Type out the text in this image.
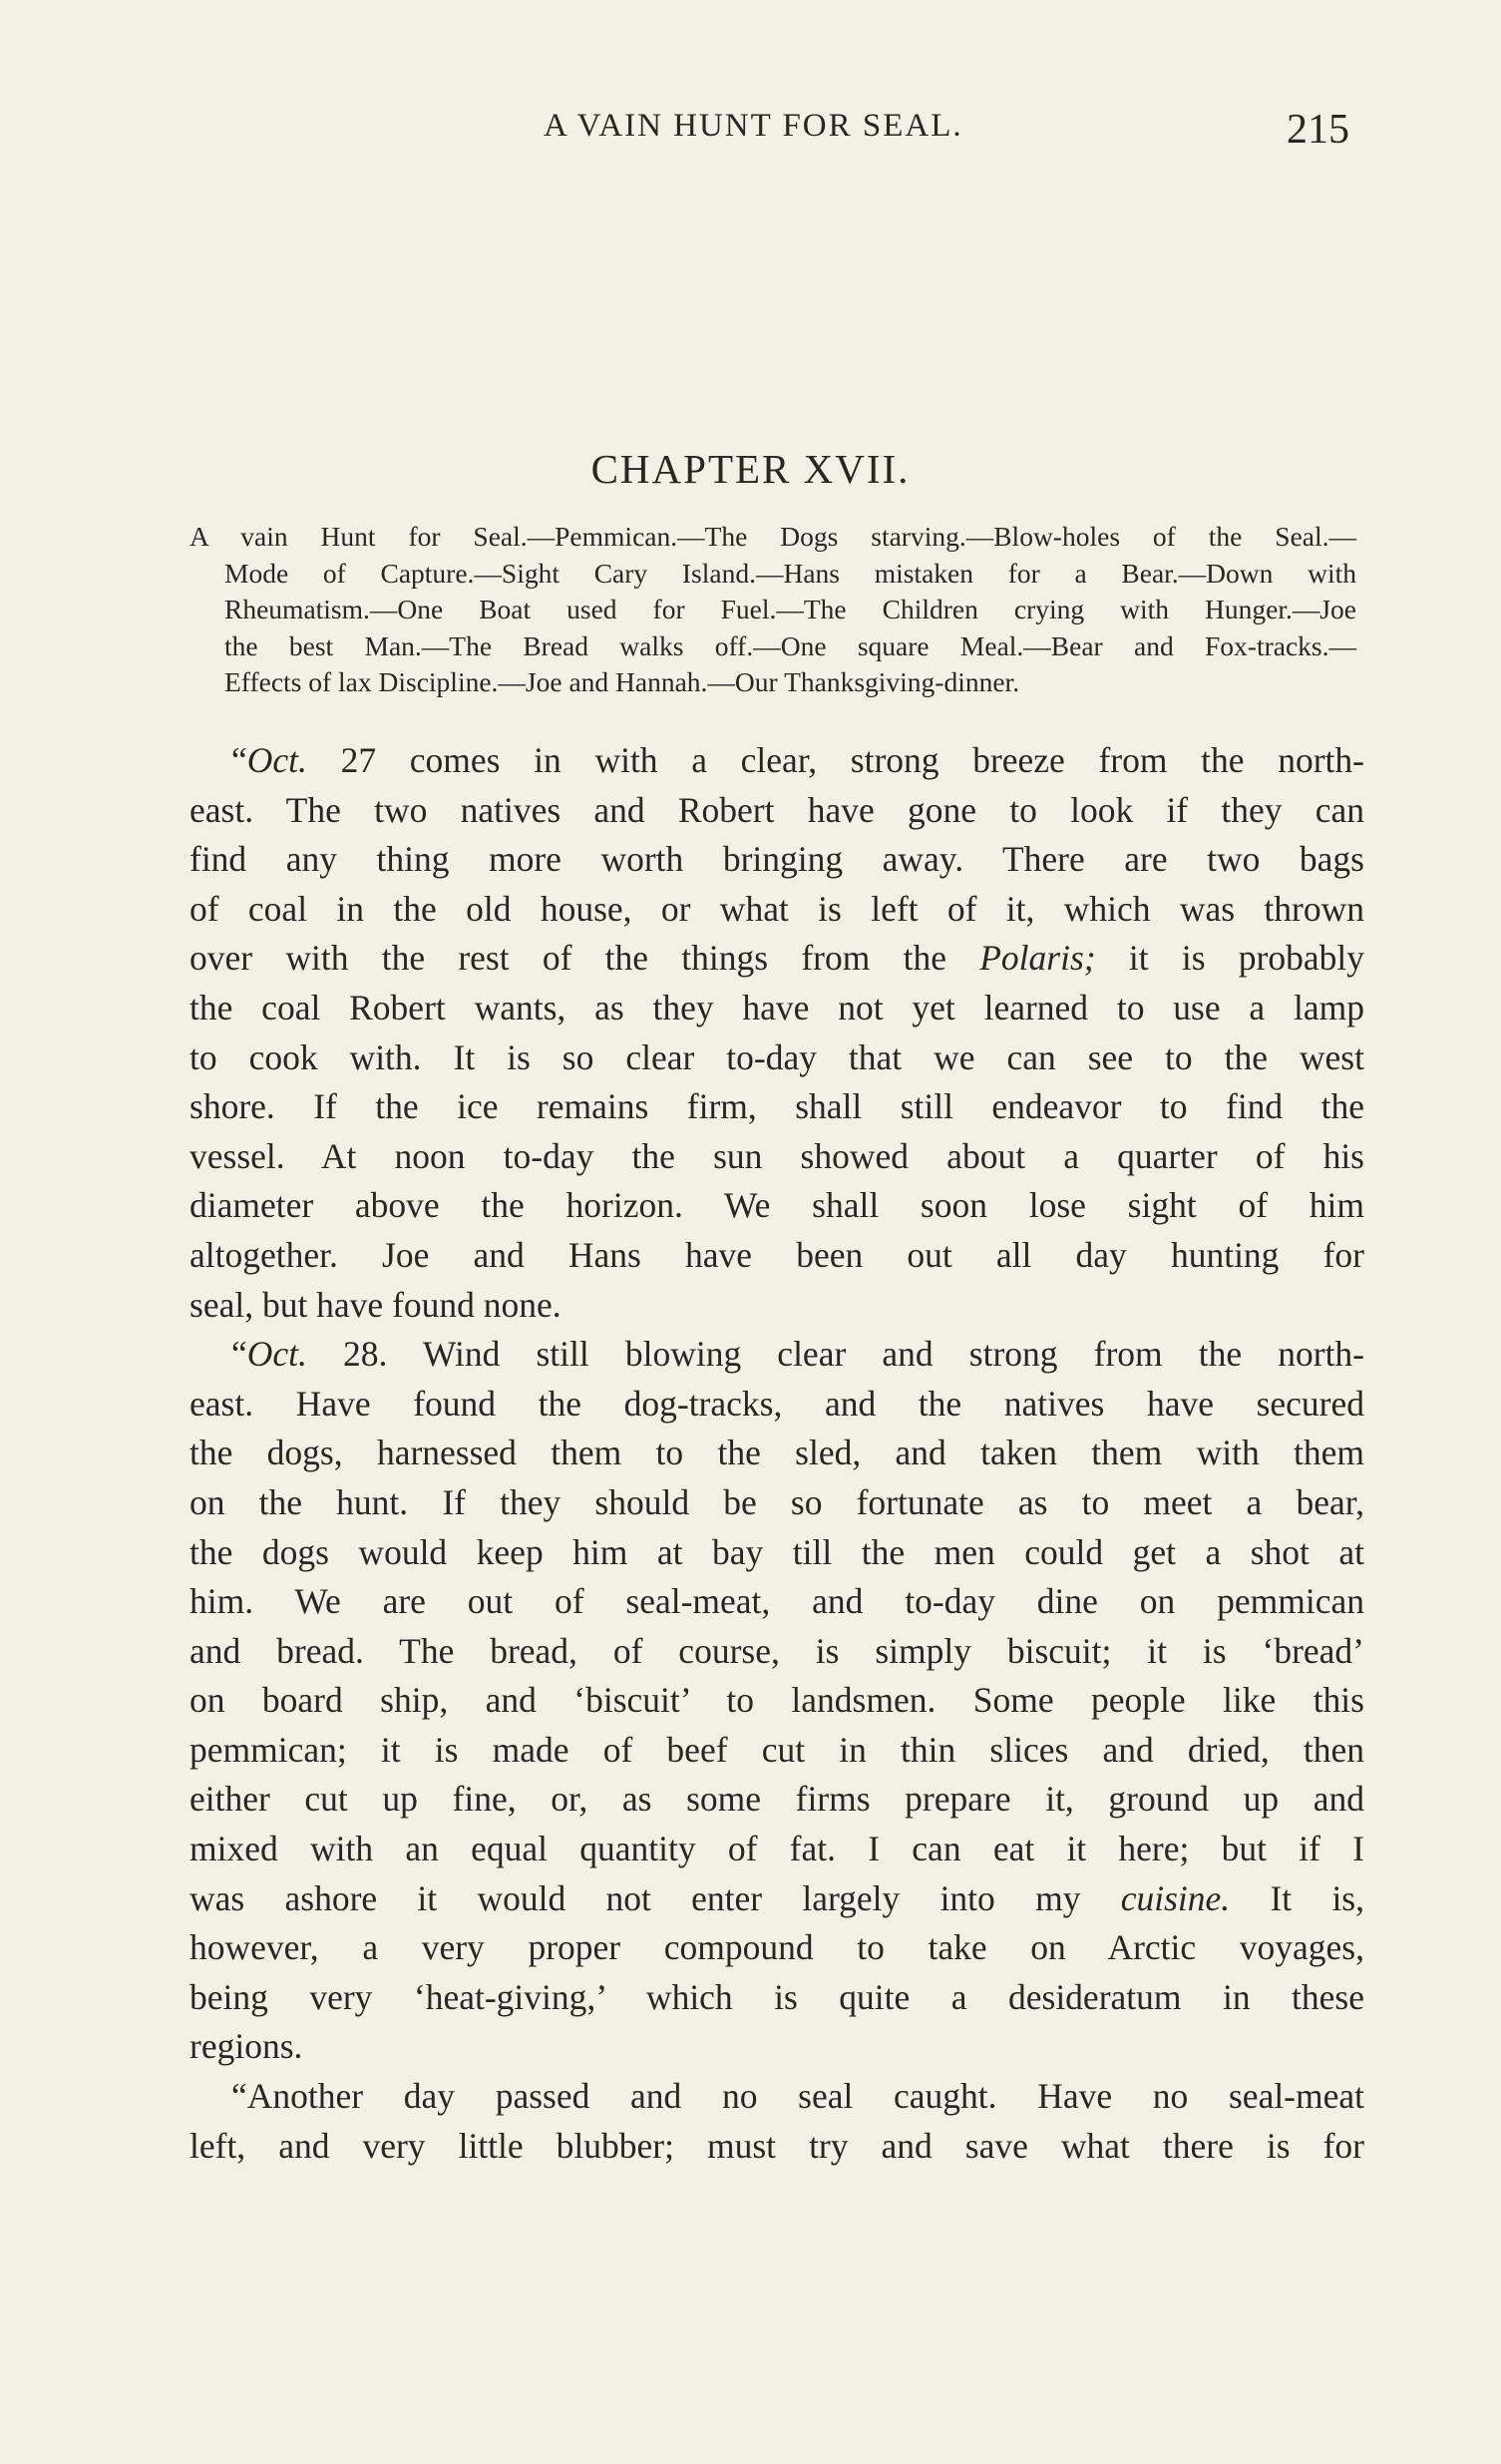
A VAIN HUNT FOR SEAL.	215
CHAPTER XVII.
A vain Hunt for Seal.—Pemmican.—The Dogs starving.—Blow-holes of the Seal.—
Mode of Capture.—Sight Cary Island.—Hans mistaken for a Bear.—Down with
Rheumatism.—One Boat used for Fuel.—The Children crying with Hunger.—Joe
the best Man.—The Bread walks off.—One square Meal.—Bear and Fox-tracks.—
Effects of lax Discipline.—Joe and Hannah.—Our Thanksgiving-dinner.
“Oct. 27 comes in with a clear, strong breeze from the north-
east. The two natives and Robert have gone to look if they can
find any thing more worth bringing away. There are two bags
of coal in the old house, or what is left of it, which was thrown
over with the rest of the things from the Polaris; it is probably
the coal Robert wants, as they have not yet learned to use a lamp
to cook with. It is so clear to-day that we can see to the west
shore. If the ice remains firm, shall still endeavor to find the
vessel. At noon to-day the sun showed about a quarter of his
diameter above the horizon. We shall soon lose sight of him
altogether. Joe and Hans have been out all day hunting for
seal, but have found none.
“Oct. 28. Wind still blowing clear and strong from the north-
east. Have found the dog-tracks, and the natives have secured
the dogs, harnessed them to the sled, and taken them with them
on the hunt. If they should be so fortunate as to meet a bear,
the dogs would keep him at bay till the men could get a shot at
him. We are out of seal-meat, and to-day dine on pemmican
and bread. The bread, of course, is simply biscuit; it is ‘bread’
on board ship, and ‘biscuit’ to landsmen. Some people like this
pemmican; it is made of beef cut in thin slices and dried, then
either cut up fine, or, as some firms prepare it, ground up and
mixed with an equal quantity of fat. I can eat it here; but if I
was ashore it would not enter largely into my cuisine. It is,
however, a very proper compound to take on Arctic voyages,
being very ‘heat-giving,’ which is quite a desideratum in these
regions.
“Another day passed and no seal caught. Have no seal-meat
left, and very little blubber; must try and save what there is for
